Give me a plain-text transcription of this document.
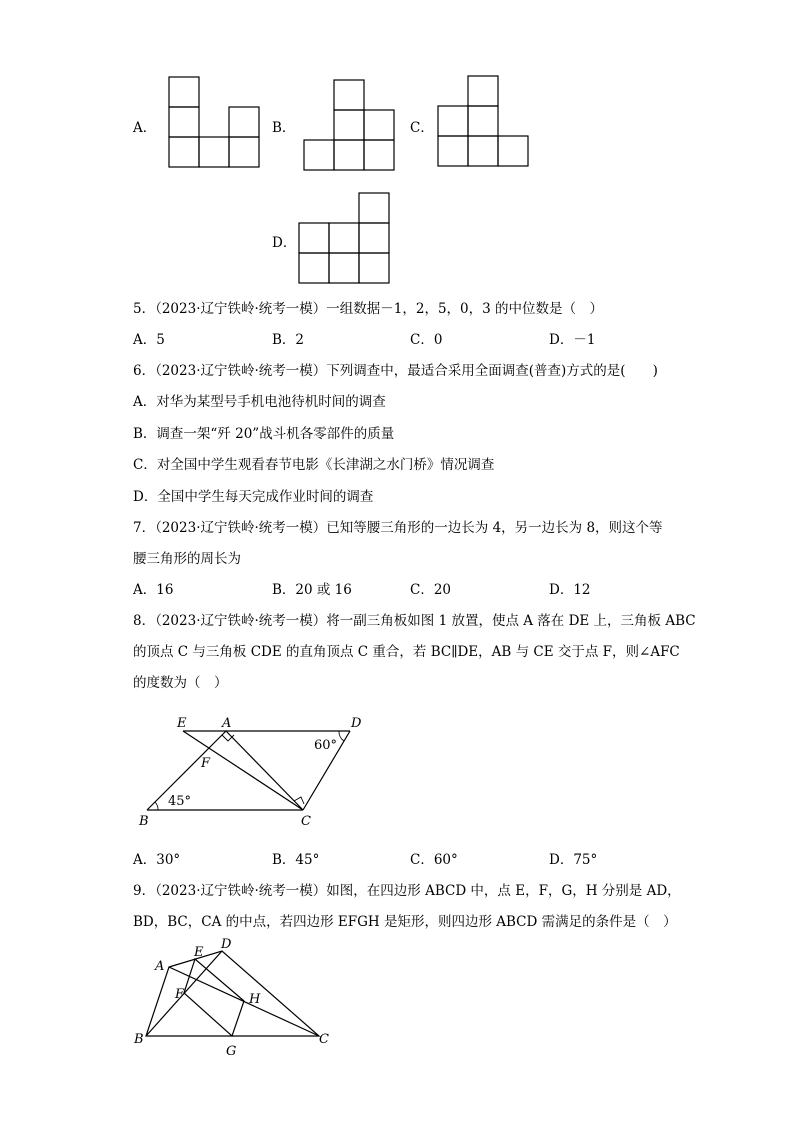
A．	B．	C．
D．
5．（2023·辽宁铁岭·统考一模）一组数据－1，2，5，0，3 的中位数是（　）
A．5	B．2	C．0	D．－1
6．（2023·辽宁铁岭·统考一模）下列调查中，最适合采用全面调查(普查)方式的是(　　)
A．对华为某型号手机电池待机时间的调查
B．调查一架“歼 20”战斗机各零部件的质量
C．对全国中学生观看春节电影《长津湖之水门桥》情况调查
D．全国中学生每天完成作业时间的调查
7．（2023·辽宁铁岭·统考一模）已知等腰三角形的一边长为 4，另一边长为 8，则这个等
腰三角形的周长为
A．16	B．20 或 16	C．20	D．12
8．（2023·辽宁铁岭·统考一模）将一副三角板如图 1 放置，使点 A 落在 DE 上，三角板 ABC
的顶点 C 与三角板 CDE 的直角顶点 C 重合，若 BC∥DE，AB 与 CE 交于点 F，则∠AFC
的度数为（　）
E	A	D
F
B	C
60°
45°
A．30°	B．45°	C．60°	D．75°
9．（2023·辽宁铁岭·统考一模）如图，在四边形 ABCD 中，点 E，F，G，H 分别是 AD，
BD，BC，CA 的中点，若四边形 EFGH 是矩形，则四边形 ABCD 需满足的条件是（　）
A
E
D
F	H
B
G
C
